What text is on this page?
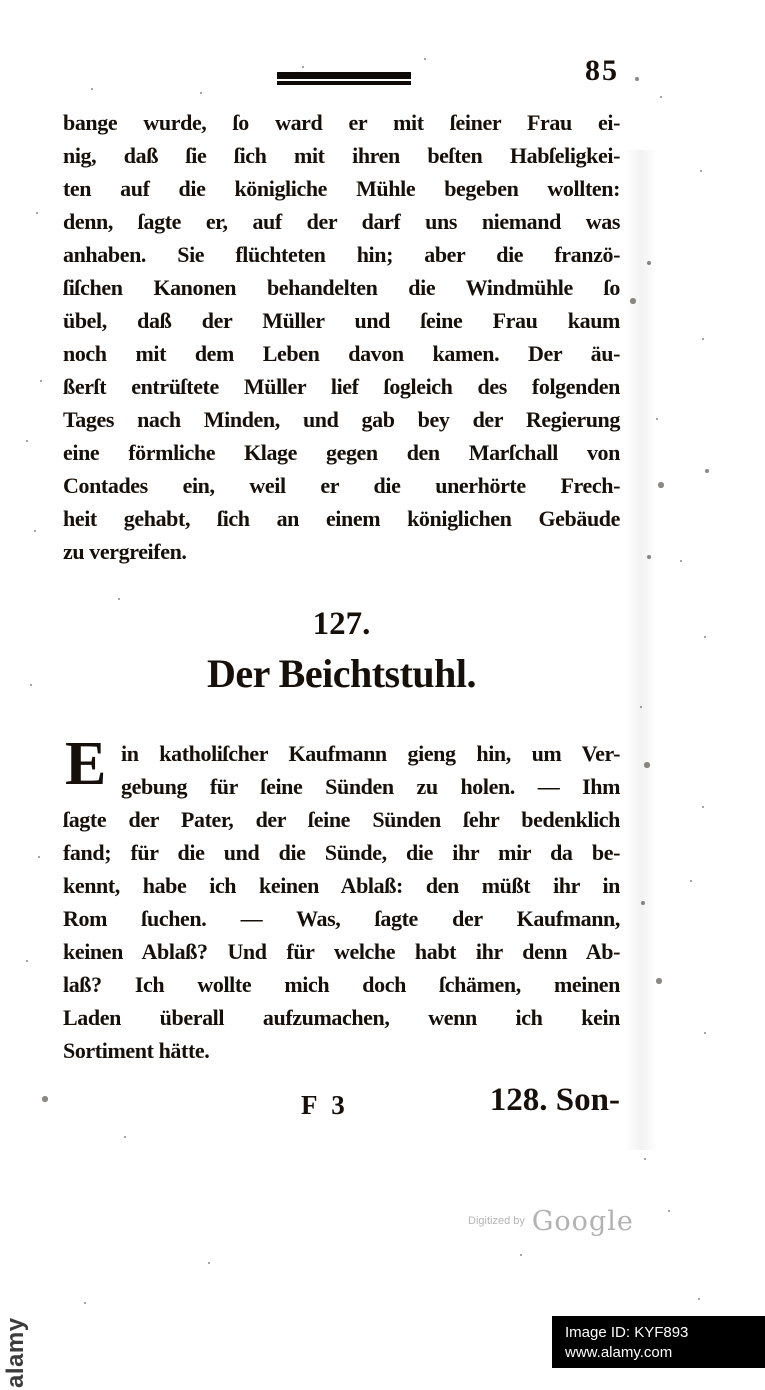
85
bange wurde, ſo ward er mit ſeiner Frau ei-
nig, daß ſie ſich mit ihren beſten Habſeligkei-
ten auf die königliche Mühle begeben wollten:
denn, ſagte er, auf der darf uns niemand was
anhaben. Sie flüchteten hin; aber die franzö-
ſiſchen Kanonen behandelten die Windmühle ſo
übel, daß der Müller und ſeine Frau kaum
noch mit dem Leben davon kamen. Der äu-
ßerſt entrüſtete Müller lief ſogleich des folgenden
Tages nach Minden, und gab bey der Regierung
eine förmliche Klage gegen den Marſchall von
Contades ein, weil er die unerhörte Frech-
heit gehabt, ſich an einem königlichen Gebäude
zu vergreifen.
127.
Der Beichtstuhl.
E in katholiſcher Kaufmann gieng hin, um Ver-
gebung für ſeine Sünden zu holen. — Ihm
ſagte der Pater, der ſeine Sünden ſehr bedenklich
fand; für die und die Sünde, die ihr mir da be-
kennt, habe ich keinen Ablaß: den müßt ihr in
Rom ſuchen. — Was, ſagte der Kaufmann,
keinen Ablaß? Und für welche habt ihr denn Ab-
laß? Ich wollte mich doch ſchämen, meinen
Laden überall aufzumachen, wenn ich kein
Sortiment hätte.
F 3	128. Son-
$^{Digitized by}$ Google
alamy	Image ID: KYF893
www.alamy.com
